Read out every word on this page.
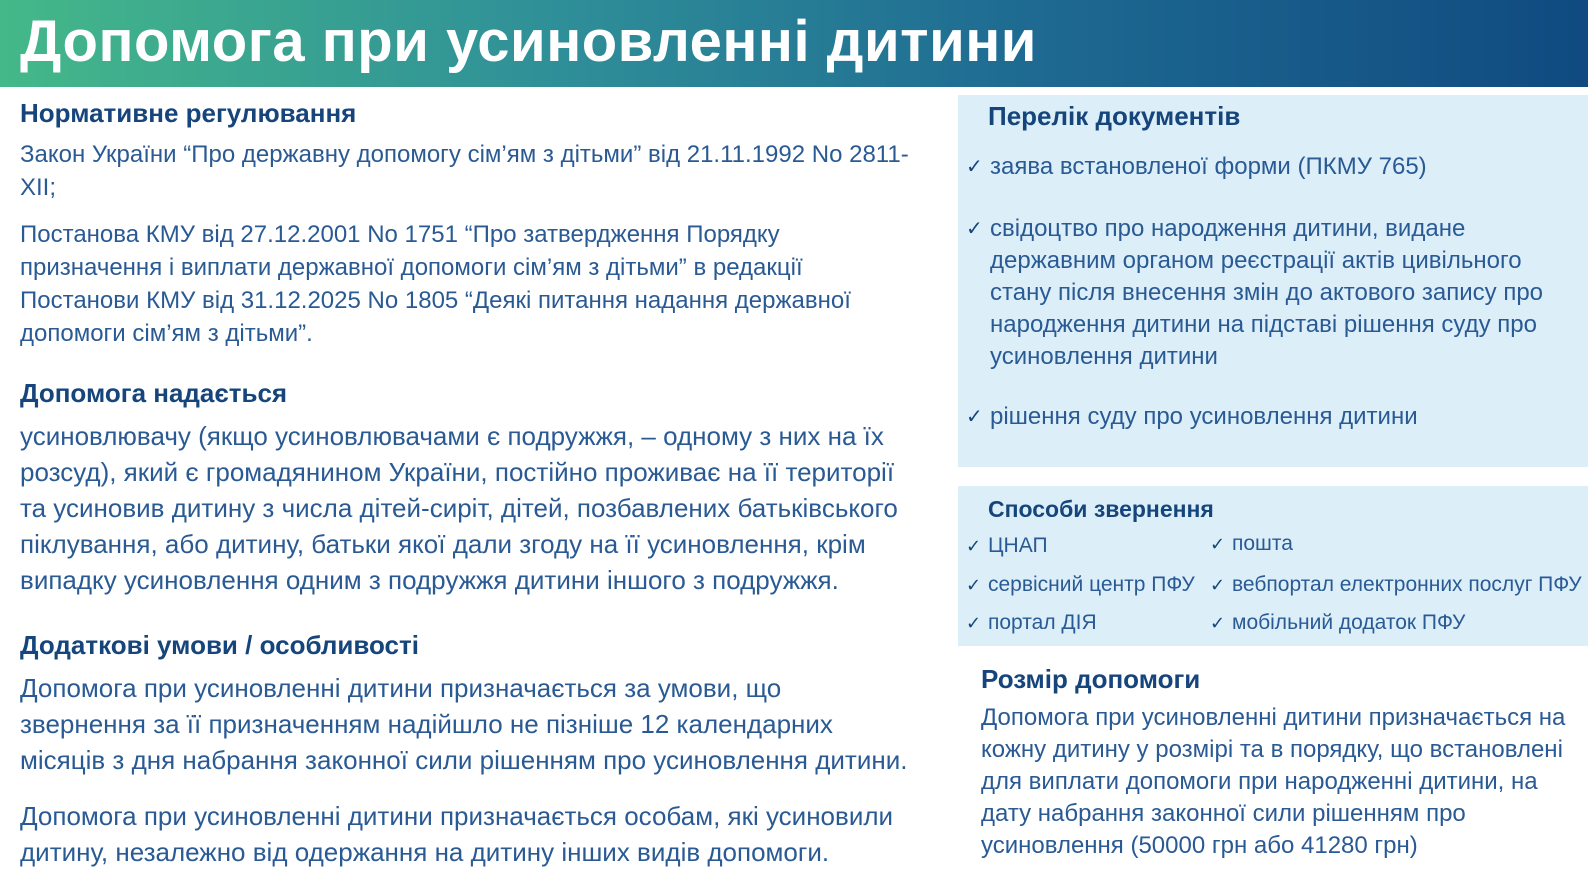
Допомога при усиновленні дитини
Нормативне регулювання

Закон України “Про державну допомогу сім’ям з дітьми” від 21.11.1992 No 2811-XII;

Постанова КМУ від 27.12.2001 No 1751 “Про затвердження Порядку призначення і виплати державної допомоги сім’ям з дітьми” в редакції Постанови КМУ від 31.12.2025 No 1805 “Деякі питання надання державної допомоги сім’ям з дітьми”.

Допомога надається

усиновлювачу (якщо усиновлювачами є подружжя, – одному з них на їх розсуд), який є громадянином України, постійно проживає на її території та усиновив дитину з числа дітей-сиріт, дітей, позбавлених батьківського піклування, або дитину, батьки якої дали згоду на її усиновлення, крім випадку усиновлення одним з подружжя дитини іншого з подружжя.

Додаткові умови / особливості

Допомога при усиновленні дитини призначається за умови, що звернення за її призначенням надійшло не пізніше 12 календарних місяців з дня набрання законної сили рішенням про усиновлення дитини.

Допомога при усиновленні дитини призначається особам, які усиновили дитину, незалежно від одержання на дитину інших видів допомоги.

Перелік документів
✓ заява встановленої форми (ПКМУ 765)
✓ свідоцтво про народження дитини, видане державним органом реєстрації актів цивільного стану після внесення змін до актового запису про народження дитини на підставі рішення суду про усиновлення дитини
✓ рішення суду про усиновлення дитини
Способи звернення
✓ ЦНАП	✓ пошта
✓ сервісний центр ПФУ ✓ вебпортал електронних послуг ПФУ
✓ портал ДІЯ	✓ мобільний додаток ПФУ
Розмір допомоги

Допомога при усиновленні дитини призначається на кожну дитину у розмірі та в порядку, що встановлені для виплати допомоги при народженні дитини, на дату набрання законної сили рішенням про усиновлення (50000 грн або 41280 грн)
